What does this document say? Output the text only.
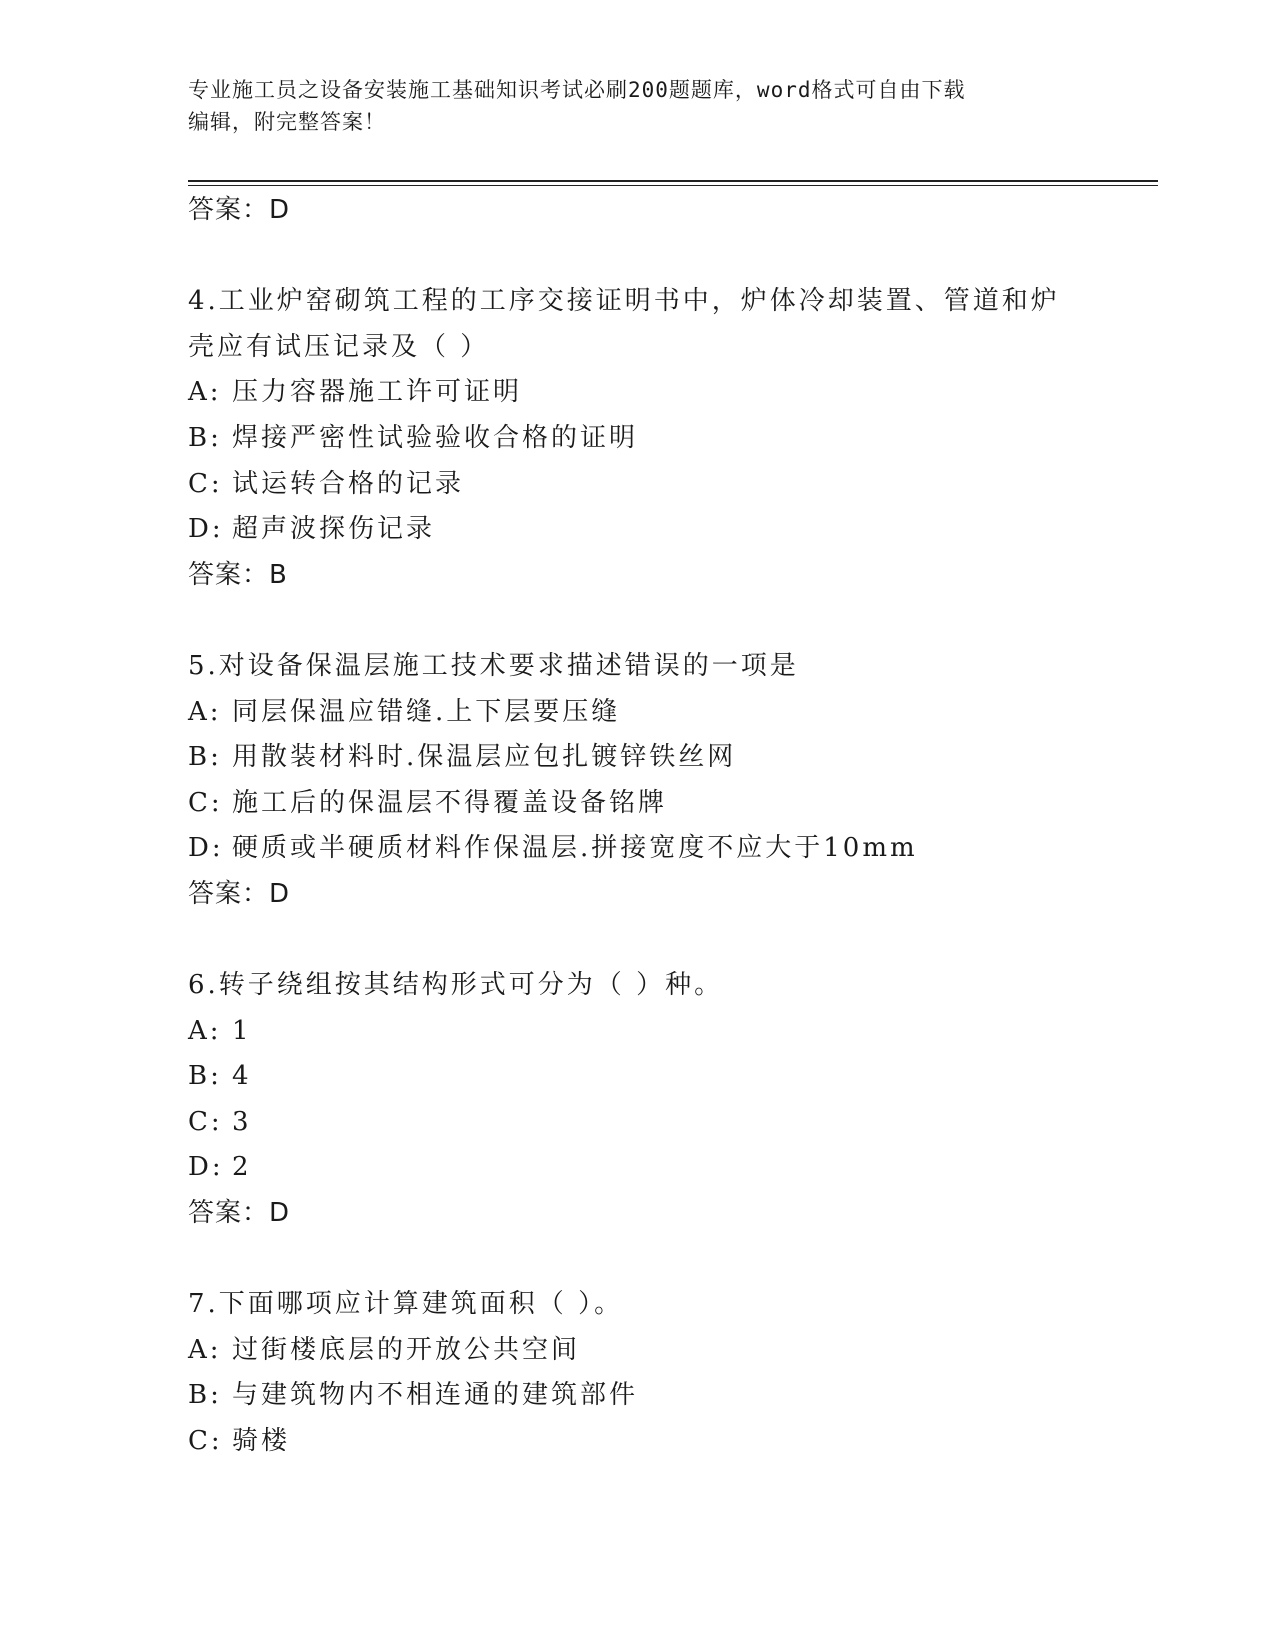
专业施工员之设备安装施工基础知识考试必刷200题题库，word格式可自由下载
编辑，附完整答案！
答案：D
4.工业炉窑砌筑工程的工序交接证明书中，炉体冷却装置、管道和炉
壳应有试压记录及（ ）
A: 压力容器施工许可证明
B: 焊接严密性试验验收合格的证明
C: 试运转合格的记录
D: 超声波探伤记录
答案：B
5.对设备保温层施工技术要求描述错误的一项是
A: 同层保温应错缝.上下层要压缝
B: 用散装材料时.保温层应包扎镀锌铁丝网
C: 施工后的保温层不得覆盖设备铭牌
D: 硬质或半硬质材料作保温层.拼接宽度不应大于10mm
答案：D
6.转子绕组按其结构形式可分为（ ）种。
A: 1
B: 4
C: 3
D: 2
答案：D
7.下面哪项应计算建筑面积（ ）。
A: 过街楼底层的开放公共空间
B: 与建筑物内不相连通的建筑部件
C: 骑楼
